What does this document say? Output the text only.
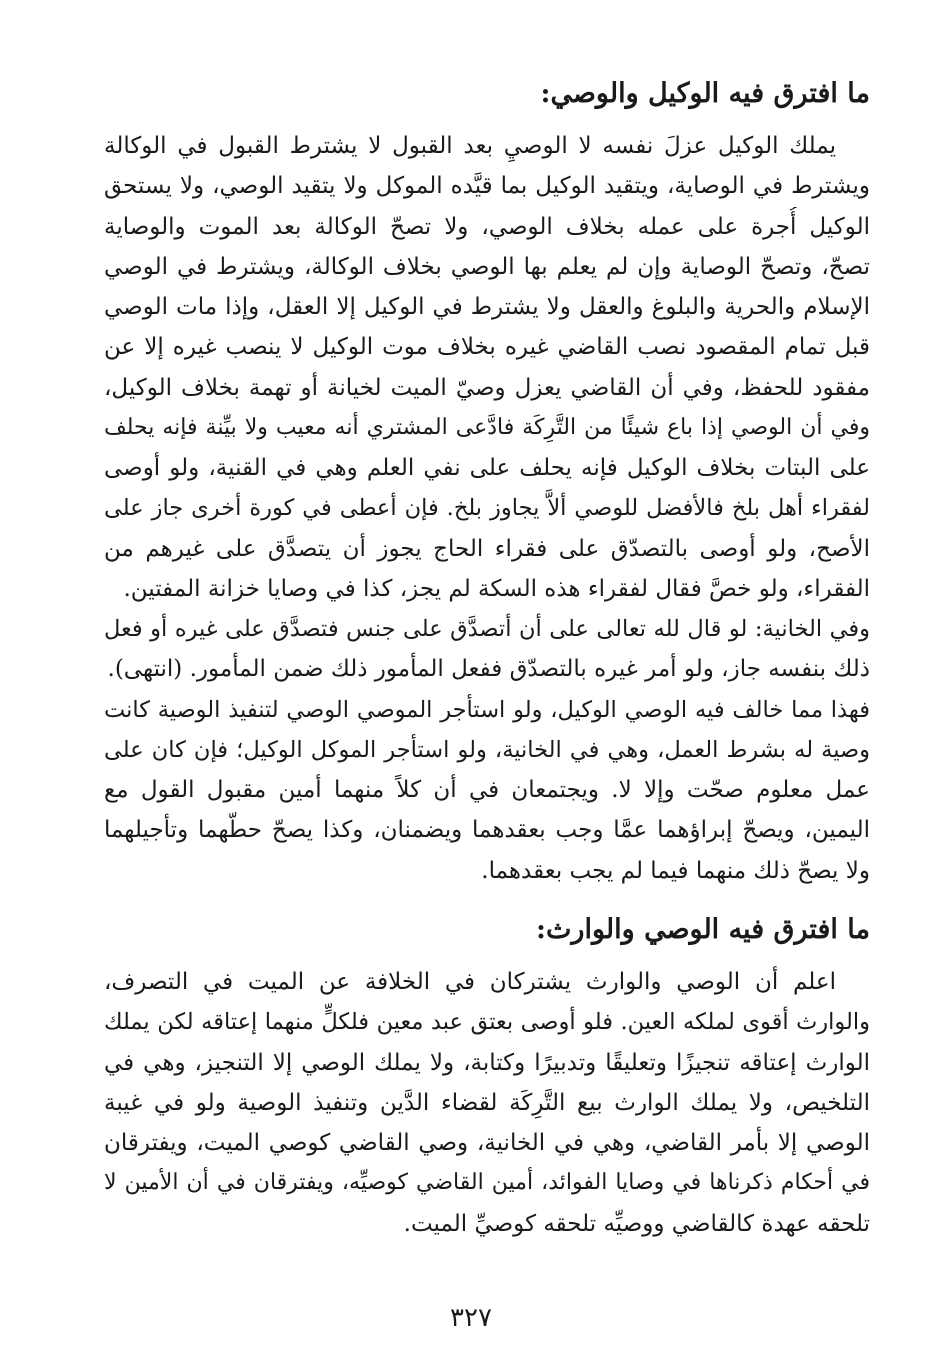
ما افترق فيه الوكيل والوصي:
يملك الوكيل عزلَ نفسه لا الوصيِ بعد القبول لا يشترط القبول في الوكالة
ويشترط في الوصاية، ويتقيد الوكيل بما قيَّده الموكل ولا يتقيد الوصي، ولا يستحق
الوكيل أُجرة على عمله بخلاف الوصي، ولا تصحّ الوكالة بعد الموت والوصاية
تصحّ، وتصحّ الوصاية وإن لم يعلم بها الوصي بخلاف الوكالة، ويشترط في الوصي
الإسلام والحرية والبلوغ والعقل ولا يشترط في الوكيل إلا العقل، وإذا مات الوصي
قبل تمام المقصود نصب القاضي غيره بخلاف موت الوكيل لا ينصب غيره إلا عن
مفقود للحفظ، وفي أن القاضي يعزل وصيّ الميت لخيانة أو تهمة بخلاف الوكيل،
وفي أن الوصي إذا باع شيئًا من التَّرِكَة فادَّعى المشتري أنه معيب ولا بيِّنة فإنه يحلف
على البتات بخلاف الوكيل فإنه يحلف على نفي العلم وهي في القنية، ولو أوصى
لفقراء أهل بلخ فالأفضل للوصي ألاَّ يجاوز بلخ. فإن أعطى في كورة أخرى جاز على
الأصح، ولو أوصى بالتصدّق على فقراء الحاج يجوز أن يتصدَّق على غيرهم من
الفقراء، ولو خصَّ فقال لفقراء هذه السكة لم يجز، كذا في وصايا خزانة المفتين.
وفي الخانية: لو قال لله تعالى على أن أتصدَّق على جنس فتصدَّق على غيره أو فعل
ذلك بنفسه جاز، ولو أمر غيره بالتصدّق ففعل المأمور ذلك ضمن المأمور. (انتهى).
فهذا مما خالف فيه الوصي الوكيل، ولو استأجر الموصي الوصي لتنفيذ الوصية كانت
وصية له بشرط العمل، وهي في الخانية، ولو استأجر الموكل الوكيل؛ فإن كان على
عمل معلوم صحّت وإلا لا. ويجتمعان في أن كلاً منهما أمين مقبول القول مع
اليمين، ويصحّ إبراؤهما عمَّا وجب بعقدهما ويضمنان، وكذا يصحّ حطّهما وتأجيلهما
ولا يصحّ ذلك منهما فيما لم يجب بعقدهما.
ما افترق فيه الوصي والوارث:
اعلم أن الوصي والوارث يشتركان في الخلافة عن الميت في التصرف،
والوارث أقوى لملكه العين. فلو أوصى بعتق عبد معين فلكلٍّ منهما إعتاقه لكن يملك
الوارث إعتاقه تنجيزًا وتعليقًا وتدبيرًا وكتابة، ولا يملك الوصي إلا التنجيز، وهي في
التلخيص، ولا يملك الوارث بيع التَّرِكَة لقضاء الدَّين وتنفيذ الوصية ولو في غيبة
الوصي إلا بأمر القاضي، وهي في الخانية، وصي القاضي كوصي الميت، ويفترقان
في أحكام ذكرناها في وصايا الفوائد، أمين القاضي كوصيِّه، ويفترقان في أن الأمين لا
تلحقه عهدة كالقاضي ووصيِّه تلحقه كوصيِّ الميت.
٣٢٧
